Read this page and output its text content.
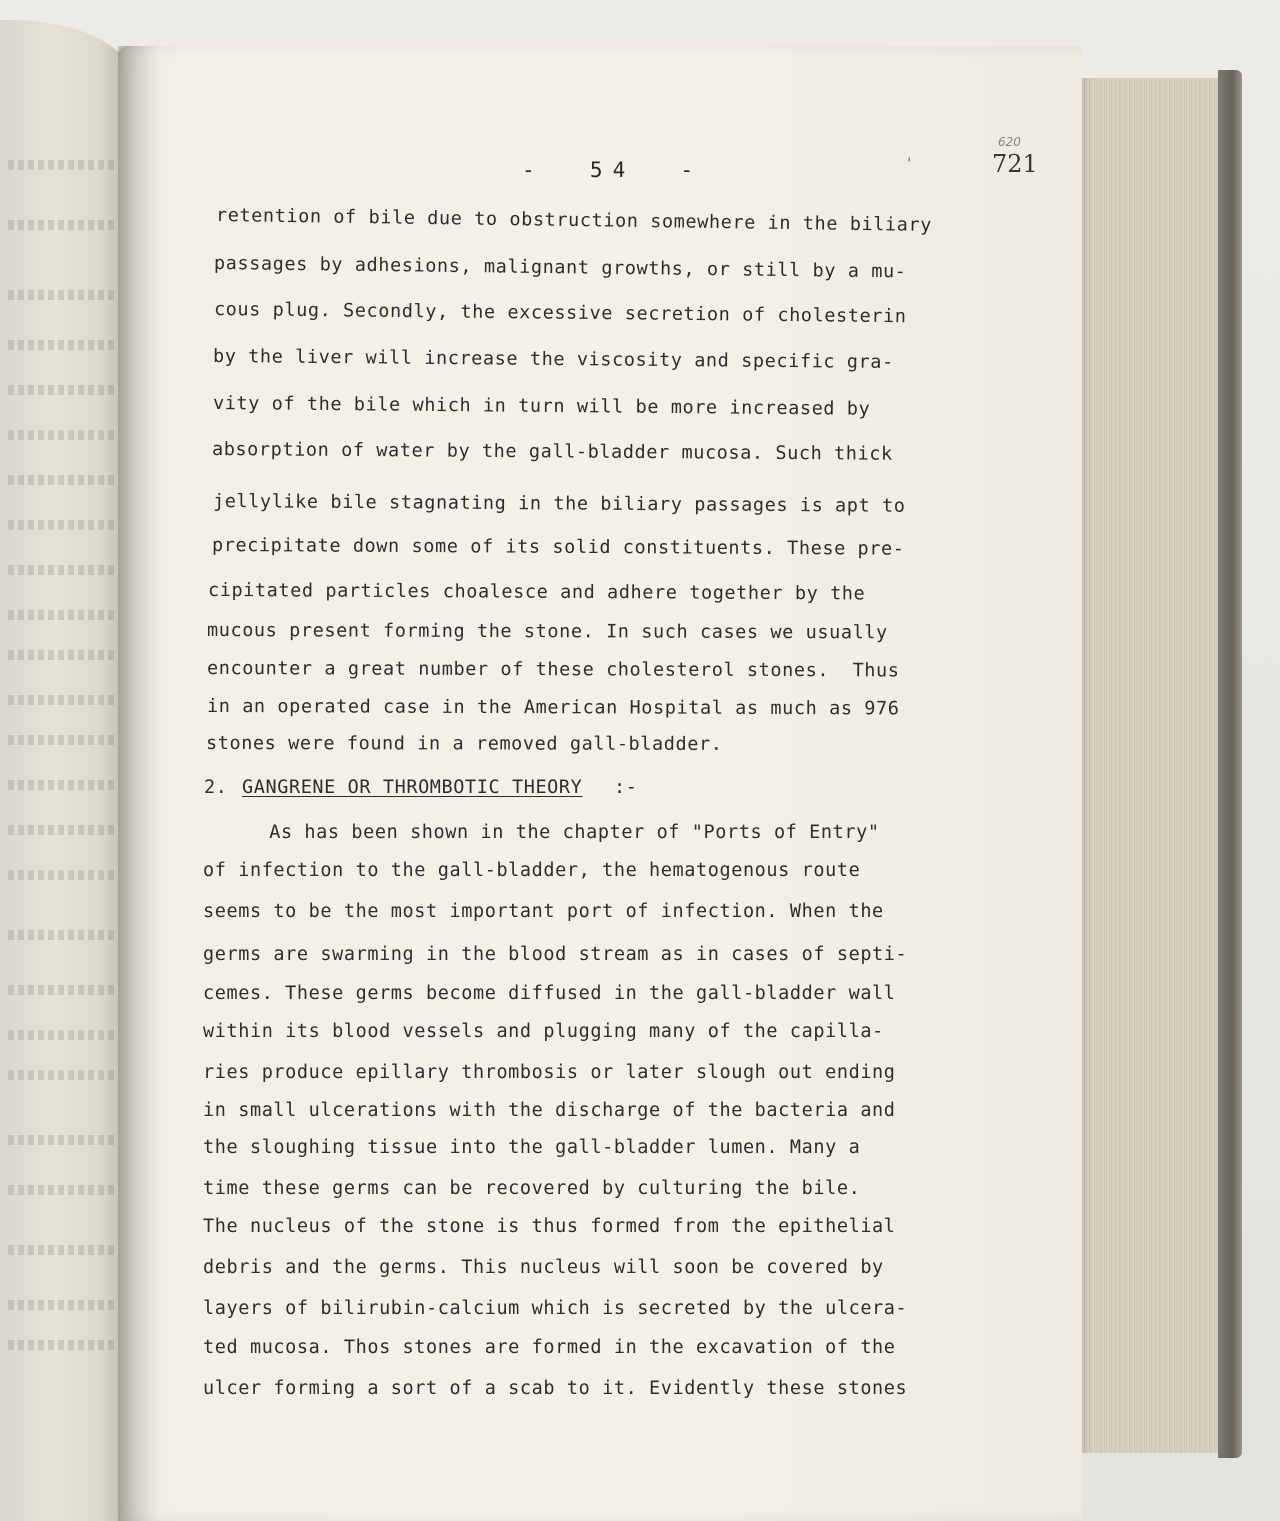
-  54  -
620
721
'
retention of bile due to obstruction somewhere in the biliary
passages by adhesions, malignant growths, or still by a mu-
cous plug. Secondly, the excessive secretion of cholesterin
by the liver will increase the viscosity and specific gra-
vity of the bile which in turn will be more increased by
absorption of water by the gall-bladder mucosa. Such thick
jellylike bile stagnating in the biliary passages is apt to
precipitate down some of its solid constituents. These pre-
cipitated particles choalesce and adhere together by the
mucous present forming the stone. In such cases we usually
encounter a great number of these cholesterol stones.  Thus
in an operated case in the American Hospital as much as 976
stones were found in a removed gall-bladder.
2. GANGRENE OR THROMBOTIC THEORY :-
As has been shown in the chapter of "Ports of Entry"
of infection to the gall-bladder, the hematogenous route
seems to be the most important port of infection. When the
germs are swarming in the blood stream as in cases of septi-
cemes. These germs become diffused in the gall-bladder wall
within its blood vessels and plugging many of the capilla-
ries produce epillary thrombosis or later slough out ending
in small ulcerations with the discharge of the bacteria and
the sloughing tissue into the gall-bladder lumen. Many a
time these germs can be recovered by culturing the bile.
The nucleus of the stone is thus formed from the epithelial
debris and the germs. This nucleus will soon be covered by
layers of bilirubin-calcium which is secreted by the ulcera-
ted mucosa. Thos stones are formed in the excavation of the
ulcer forming a sort of a scab to it. Evidently these stones
